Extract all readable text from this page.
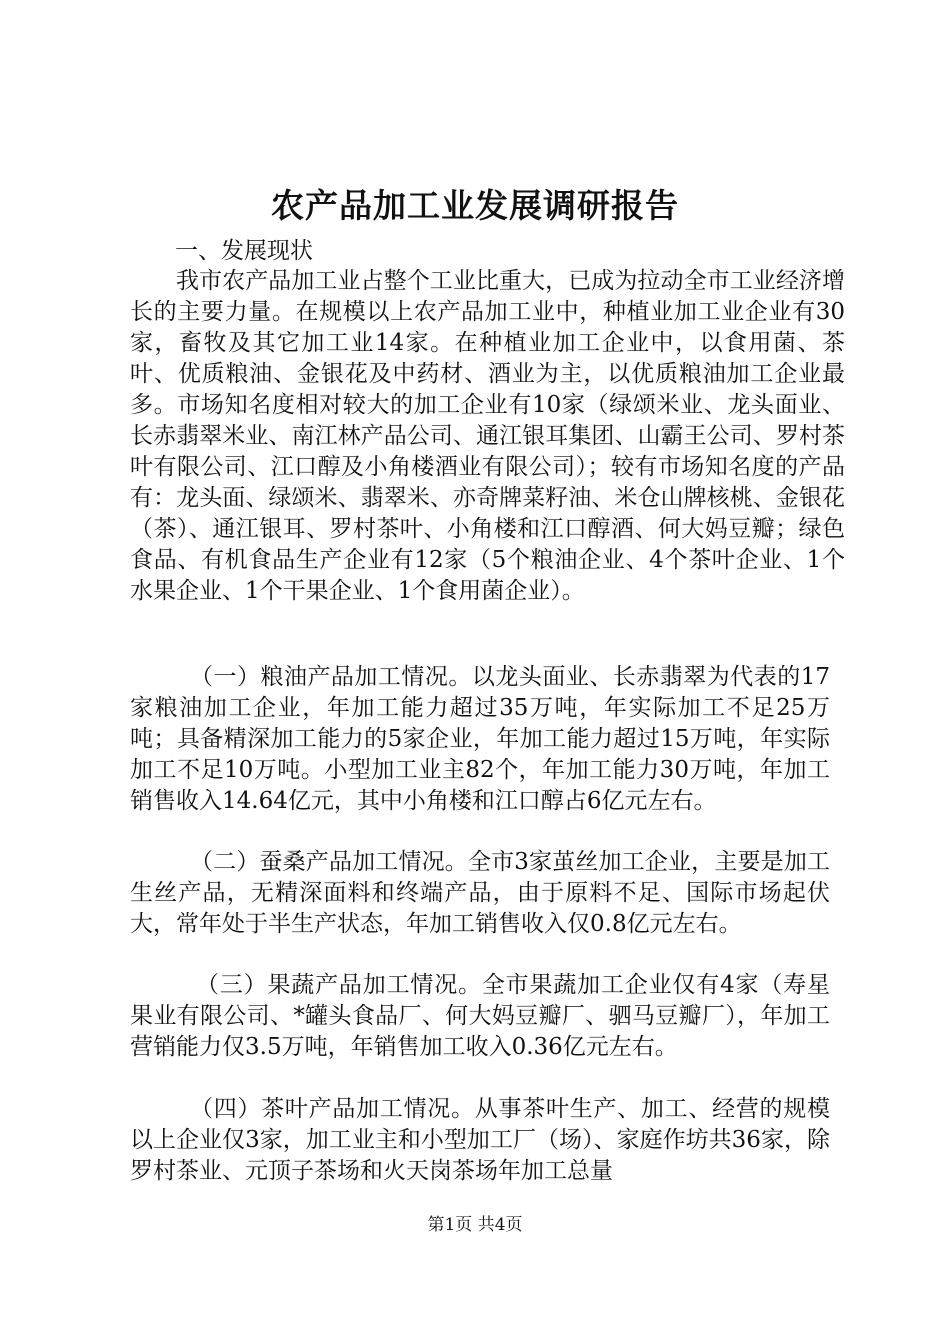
农产品加工业发展调研报告
一、发展现状

我市农产品加工业占整个工业比重大，已成为拉动全市工业经济增长的主要力量。在规模以上农产品加工业中，种植业加工业企业有30家，畜牧及其它加工业14家。在种植业加工企业中，以食用菌、茶叶、优质粮油、金银花及中药材、酒业为主，以优质粮油加工企业最多。市场知名度相对较大的加工企业有10家（绿颂米业、龙头面业、长赤翡翠米业、南江林产品公司、通江银耳集团、山霸王公司、罗村茶叶有限公司、江口醇及小角楼酒业有限公司）；较有市场知名度的产品有：龙头面、绿颂米、翡翠米、亦奇牌菜籽油、米仓山牌核桃、金银花（茶）、通江银耳、罗村茶叶、小角楼和江口醇酒、何大妈豆瓣；绿色食品、有机食品生产企业有12家（5个粮油企业、4个茶叶企业、1个水果企业、1个干果企业、1个食用菌企业）。

（一）粮油产品加工情况。以龙头面业、长赤翡翠为代表的17家粮油加工企业，年加工能力超过35万吨，年实际加工不足25万吨；具备精深加工能力的5家企业，年加工能力超过15万吨，年实际加工不足10万吨。小型加工业主82个，年加工能力30万吨，年加工销售收入14.64亿元，其中小角楼和江口醇占6亿元左右。

（二）蚕桑产品加工情况。全市3家茧丝加工企业，主要是加工生丝产品，无精深面料和终端产品，由于原料不足、国际市场起伏大，常年处于半生产状态，年加工销售收入仅0.8亿元左右。

（三）果蔬产品加工情况。全市果蔬加工企业仅有4家（寿星果业有限公司、*罐头食品厂、何大妈豆瓣厂、驷马豆瓣厂），年加工营销能力仅3.5万吨，年销售加工收入0.36亿元左右。

（四）茶叶产品加工情况。从事茶叶生产、加工、经营的规模以上企业仅3家，加工业主和小型加工厂（场）、家庭作坊共36家，除罗村茶业、元顶子茶场和火天岗茶场年加工总量

第1页 共4页
